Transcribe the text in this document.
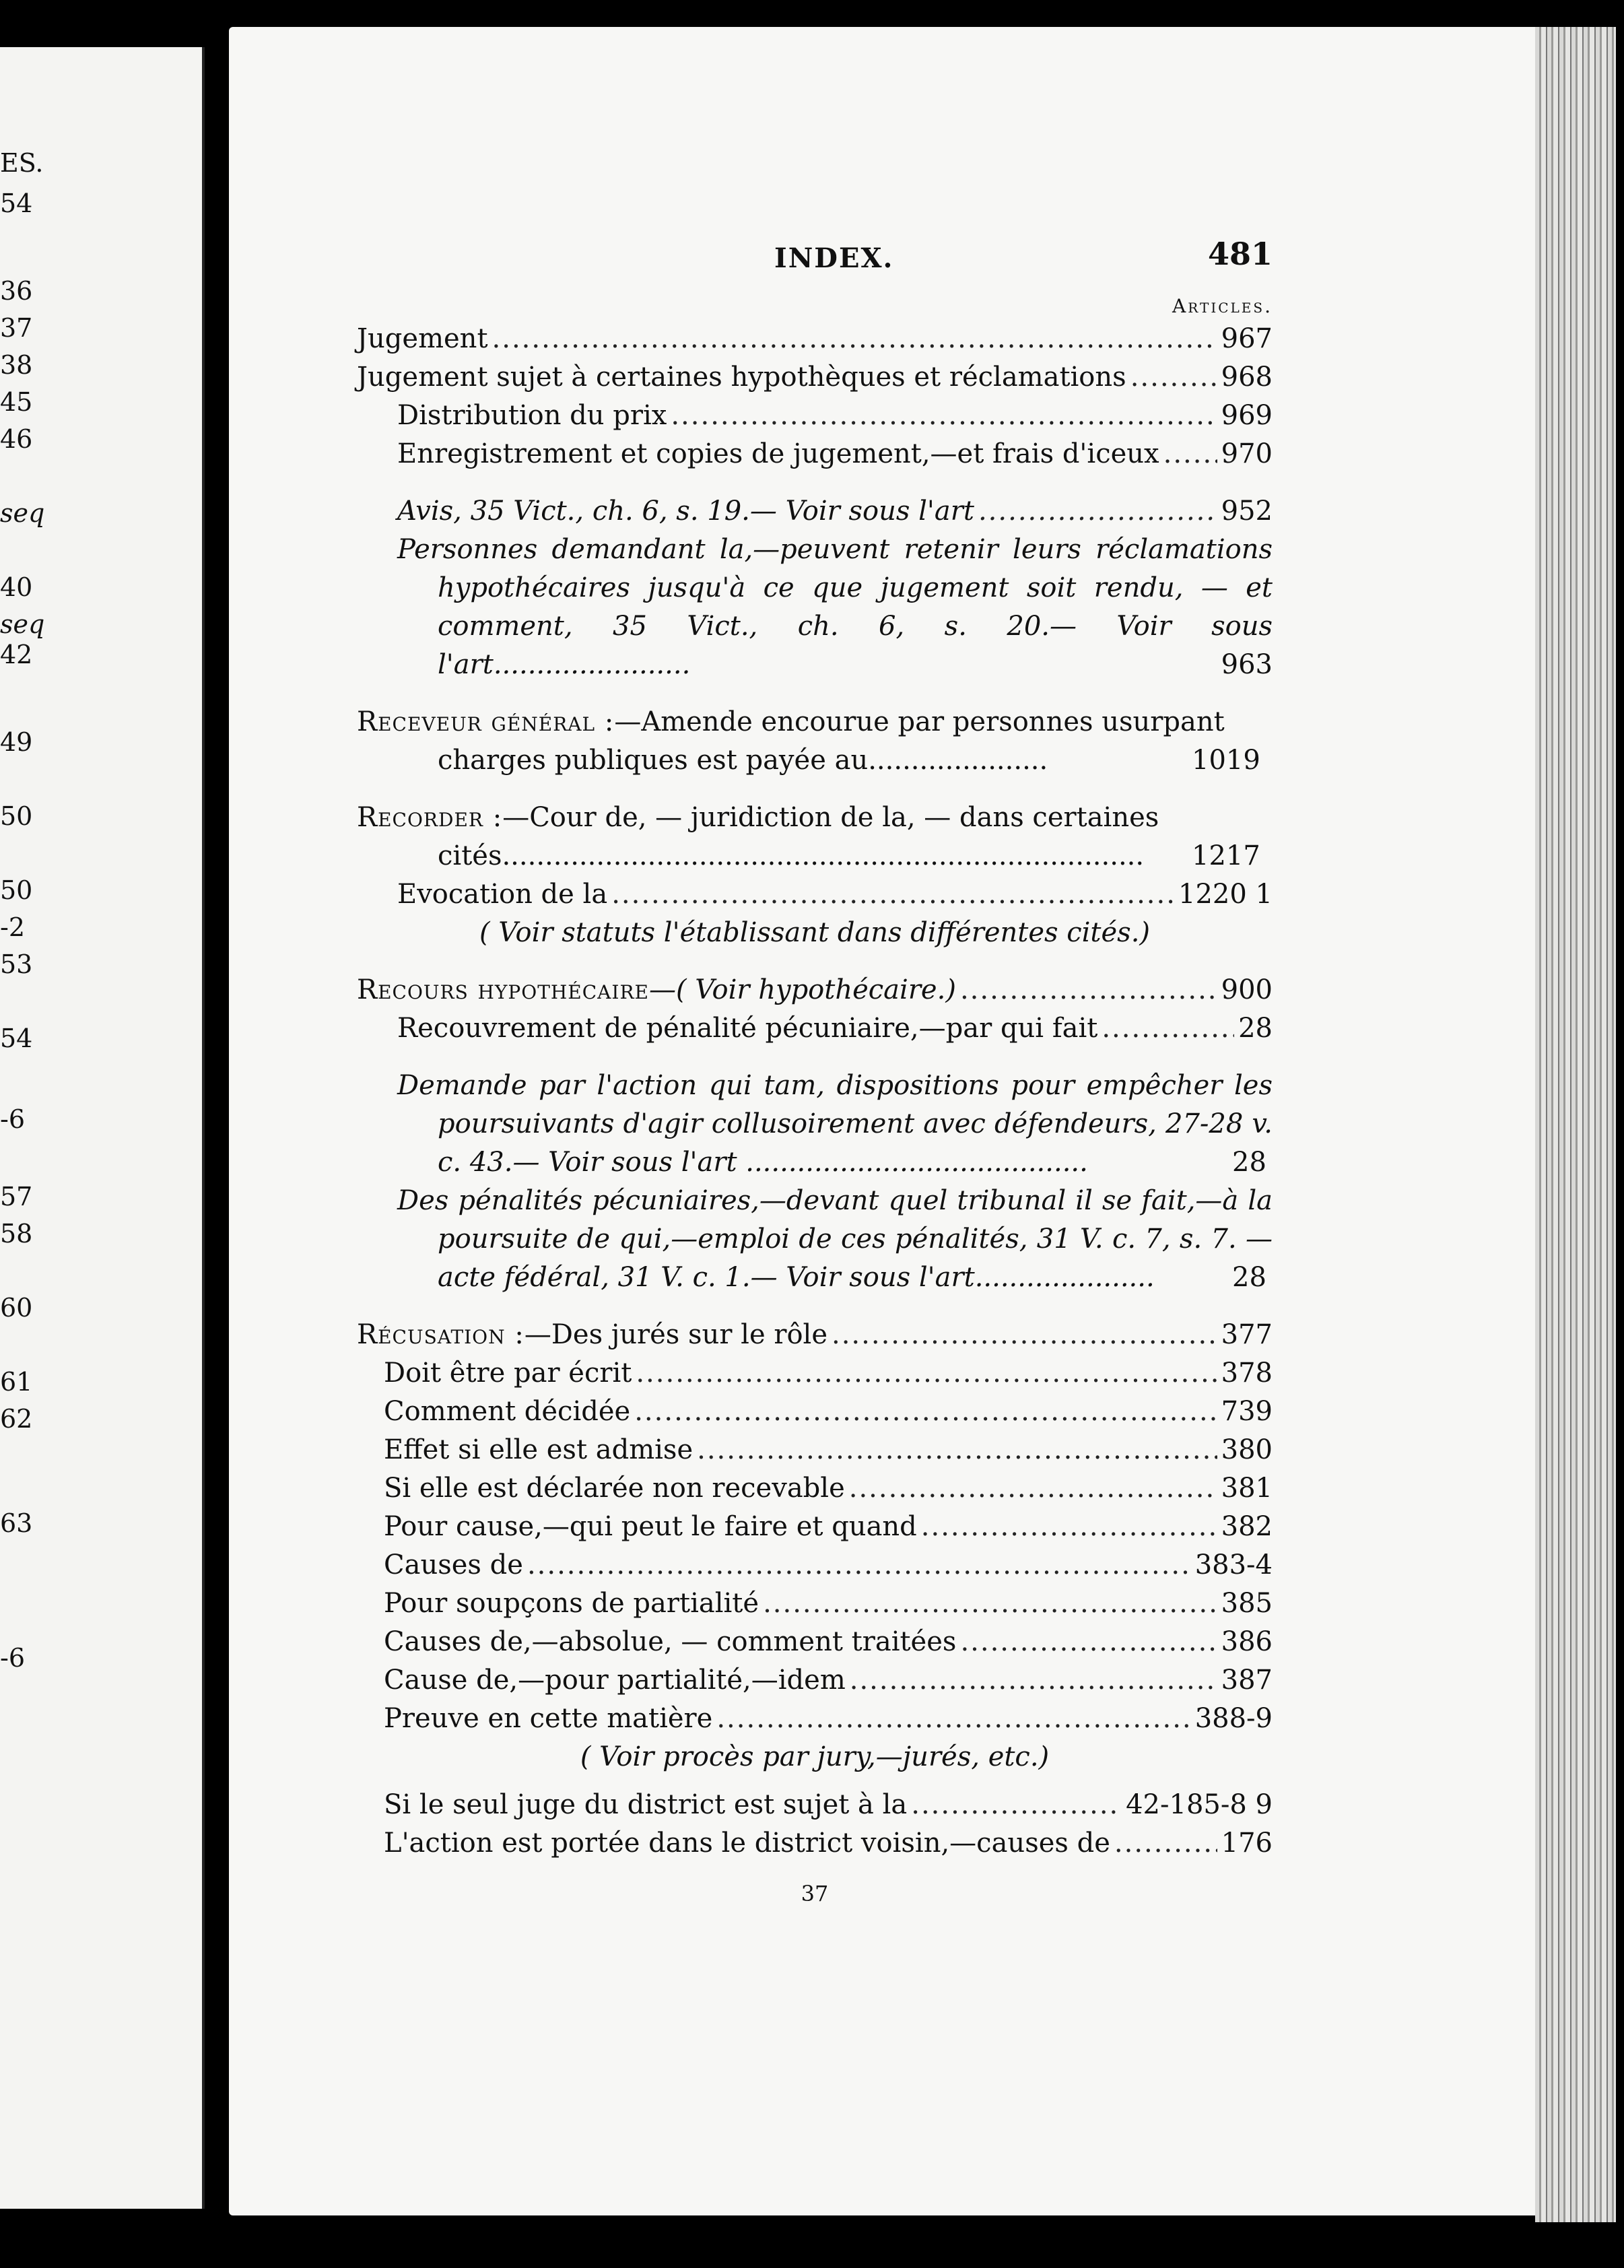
ES.
54
36
37
38
45
46
seq
40
seq
42
49
50
50
-2
53
54
-6
57
58
60
61
62
63
-6
INDEX.	481
Articles.
Jugement .....	967
Jugement sujet à certaines hypothèques et réclamations .....	968
Distribution du prix .....	969
Enregistrement et copies de jugement,—et frais d'iceux ..... 970
Avis, 35 Vict., ch. 6, s. 19.— Voir sous l'art .....	952
Personnes demandant la,—peuvent retenir leurs réclamations hypothécaires jusqu'à ce que jugement soit rendu, — et comment, 35 Vict., ch. 6, s. 20.— Voir sous l'art.......................	963
Receveur général :—Amende encourue par personnes usurpant charges publiques est payée au.....................	1019
Recorder :—Cour de, — juridiction de la, — dans certaines cités........................................................................... 1217
Evocation de la .....	1220 1
( Voir statuts l'établissant dans différentes cités.)
Recours hypothécaire —( Voir hypothécaire.) .....	900
Recouvrement de pénalité pécuniaire,—par qui fait .....	28
Demande par l'action qui tam, dispositions pour empêcher les poursuivants d'agir collusoirement avec défendeurs, 27-28 v. c. 43.— Voir sous l'art ........................................	28
Des pénalités pécuniaires,—devant quel tribunal il se fait,—à la poursuite de qui,—emploi de ces pénalités, 31 V. c. 7, s. 7. —acte fédéral, 31 V. c. 1.— Voir sous l'art.....................	28
Récusation : —Des jurés sur le rôle .....	377
Doit être par écrit .....	378
Comment décidée .....	739
Effet si elle est admise .....	380
Si elle est déclarée non recevable .....	381
Pour cause,—qui peut le faire et quand .....	382
Causes de .....	383-4
Pour soupçons de partialité .....	385
Causes de,—absolue, — comment traitées .....	386
Cause de,—pour partialité,—idem .....	387
Preuve en cette matière .....	388-9
( Voir procès par jury,—jurés, etc.)
Si le seul juge du district est sujet à la .....	42-185-8 9
L'action est portée dans le district voisin,—causes de .....	176
37
